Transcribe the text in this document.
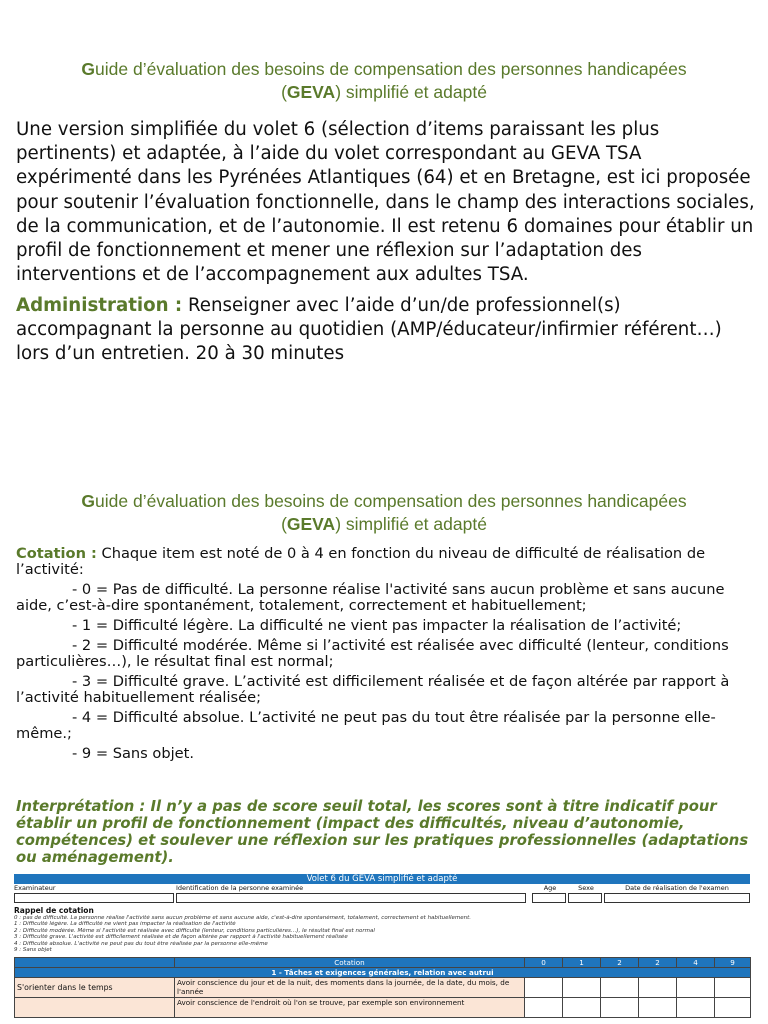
Guide d’évaluation des besoins de compensation des personnes handicapées
(GEVA) simplifié et adapté
Une version simplifiée du volet 6 (sélection d’items paraissant les plus pertinents) et adaptée, à l’aide du volet correspondant au GEVA TSA expérimenté dans les Pyrénées Atlantiques (64) et en Bretagne, est ici proposée pour soutenir l’évaluation fonctionnelle, dans le champ des interactions sociales, de la communication, et de l’autonomie. Il est retenu 6 domaines pour établir un profil de fonctionnement et mener une réflexion sur l’adaptation des interventions et de l’accompagnement aux adultes TSA.
Administration : Renseigner avec l’aide d’un/de professionnel(s) accompagnant la personne au quotidien (AMP/éducateur/infirmier référent…) lors d’un entretien. 20 à 30 minutes
Guide d’évaluation des besoins de compensation des personnes handicapées
(GEVA) simplifié et adapté
Cotation : Chaque item est noté de 0 à 4 en fonction du niveau de difficulté de réalisation de l’activité:
- 0 = Pas de difficulté. La personne réalise l'activité sans aucun problème et sans aucune aide, c’est-à-dire spontanément, totalement, correctement et habituellement;
- 1 = Difficulté légère. La difficulté ne vient pas impacter la réalisation de l’activité;
- 2 = Difficulté modérée. Même si l’activité est réalisée avec difficulté (lenteur, conditions particulières…), le résultat final est normal;
- 3 = Difficulté grave. L’activité est difficilement réalisée et de façon altérée par rapport à l’activité habituellement réalisée;
- 4 = Difficulté absolue. L’activité ne peut pas du tout être réalisée par la personne elle-même.;
- 9 = Sans objet.
Interprétation : Il n’y a pas de score seuil total, les scores sont à titre indicatif pour établir un profil de fonctionnement (impact des difficultés, niveau d’autonomie, compétences) et soulever une réflexion sur les pratiques professionnelles (adaptations ou aménagement).
Volet 6 du GEVA simplifié et adapté
Examinateur	Identification de la personne examinée	Age	Sexe	Date de réalisation de l'examen
Rappel de cotation
0 : pas de difficulté. La personne réalise l'activité sans aucun problème et sans aucune aide, c'est-à-dire spontanément, totalement, correctement et habituellement.
1 : Difficulté légère. La difficulté ne vient pas impacter la réalisation de l'activité
2 : Difficulté modérée. Même si l'activité est réalisée avec difficulté (lenteur, conditions particulières…), le résultat final est normal
3 : Difficulté grave. L'activité est difficilement réalisée et de façon altérée par rapport à l'activité habituellement réalisée
4 : Difficulté absolue. L'activité ne peut pas du tout être réalisée par la personne elle-même
9 : Sans objet
	Cotation	0	1	2	2	4	9
1 - Tâches et exigences générales, relation avec autrui							
S'orienter dans le temps	Avoir conscience du jour et de la nuit, des moments dans la journée, de la date, du mois, de l'année						
	Avoir conscience de l'endroit où l'on se trouve, par exemple son environnement						
